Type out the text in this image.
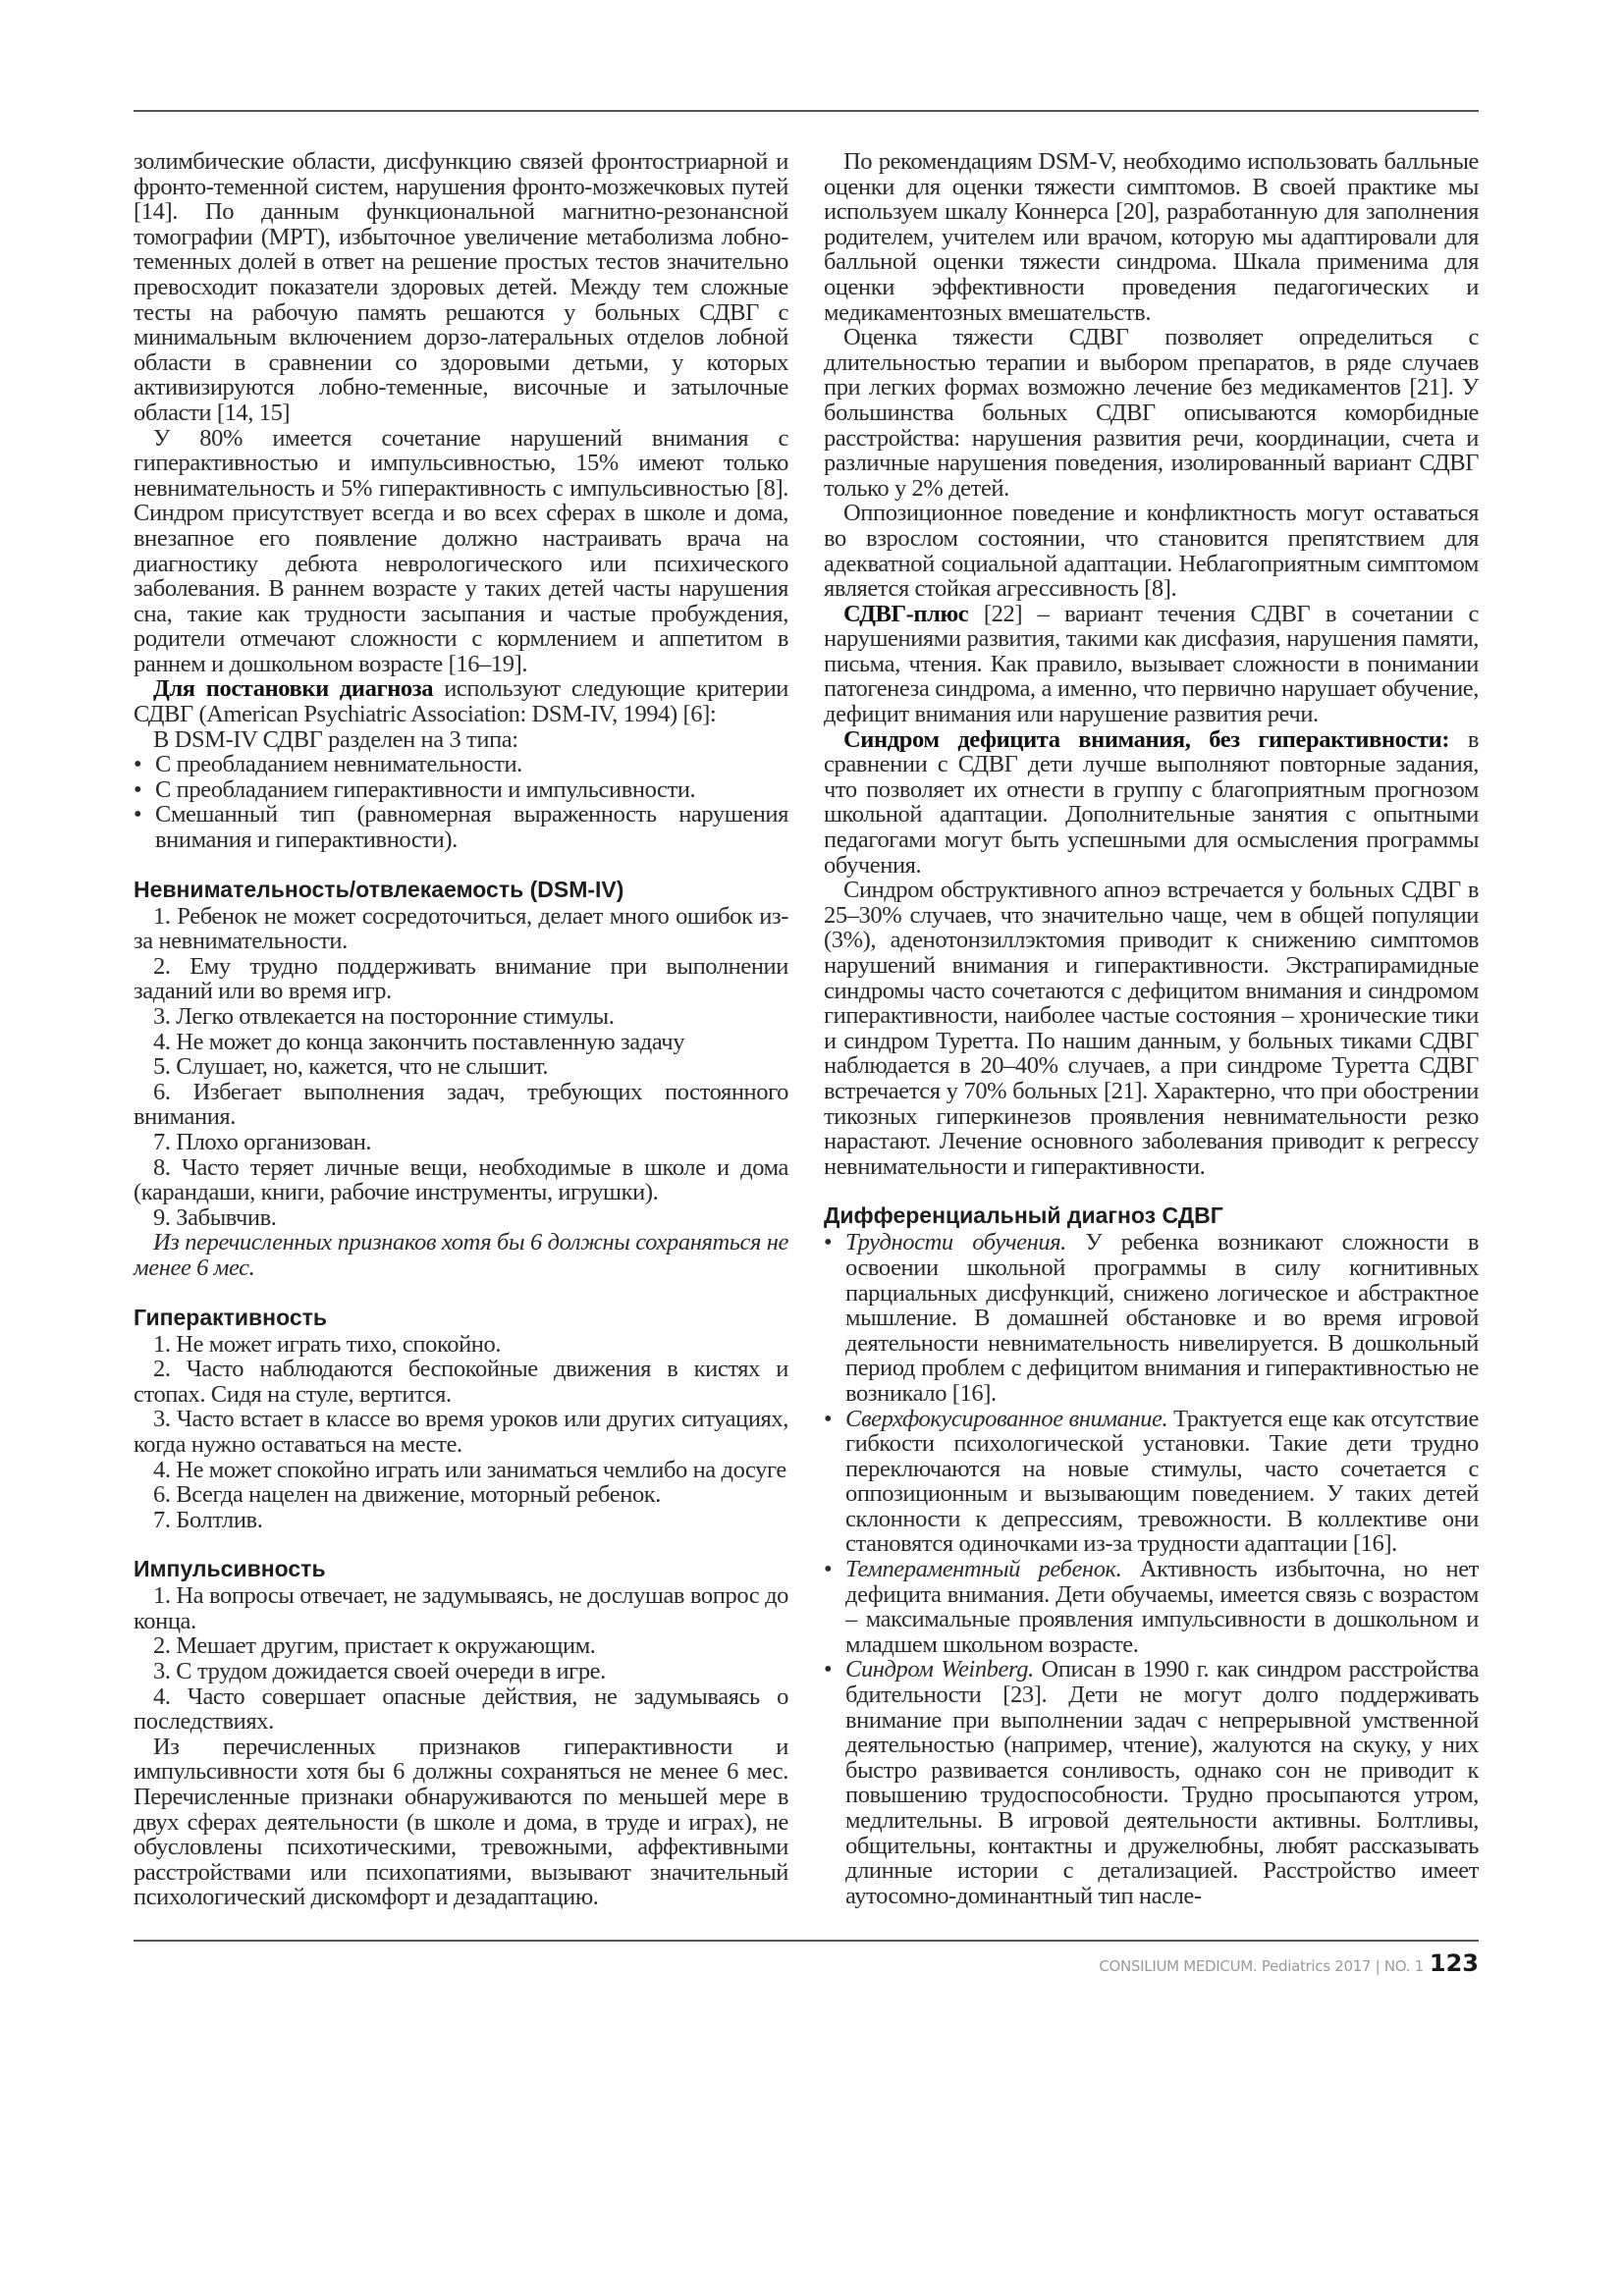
золимбические области, дисфункцию связей фронтостриарной и фронто-теменной систем, нарушения фронто-мозжечковых путей [14]. По данным функциональной магнитно-резонансной томографии (МРТ), избыточное увеличение метаболизма лобно-теменных долей в ответ на решение простых тестов значительно превосходит показатели здоровых детей. Между тем сложные тесты на рабочую память решаются у больных СДВГ с минимальным включением дорзо-латеральных отделов лобной области в сравнении со здоровыми детьми, у которых активизируются лобно-теменные, височные и затылочные области [14, 15]

У 80% имеется сочетание нарушений внимания с гиперактивностью и импульсивностью, 15% имеют только невнимательность и 5% гиперактивность с импульсивностью [8]. Синдром присутствует всегда и во всех сферах в школе и дома, внезапное его появление должно настраивать врача на диагностику дебюта неврологического или психического заболевания. В раннем возрасте у таких детей часты нарушения сна, такие как трудности засыпания и частые пробуждения, родители отмечают сложности с кормлением и аппетитом в раннем и дошкольном возрасте [16–19].

Для постановки диагноза используют следующие критерии СДВГ (American Psychiatric Association: DSM-IV, 1994) [6]:

В DSM-IV СДВГ разделен на 3 типа:

• С преобладанием невнимательности.
• С преобладанием гиперактивности и импульсивности.
• Смешанный тип (равномерная выраженность нарушения внимания и гиперактивности).
Невнимательность/отвлекаемость (DSM-IV)

1. Ребенок не может сосредоточиться, делает много ошибок из-за невнимательности.

2. Ему трудно поддерживать внимание при выполнении заданий или во время игр.

3. Легко отвлекается на посторонние стимулы.

4. Не может до конца закончить поставленную задачу

5. Слушает, но, кажется, что не слышит.

6. Избегает выполнения задач, требующих постоянного внимания.

7. Плохо организован.

8. Часто теряет личные вещи, необходимые в школе и дома (карандаши, книги, рабочие инструменты, игрушки).

9. Забывчив.

Из перечисленных признаков хотя бы 6 должны сохраняться не менее 6 мес.

Гиперактивность

1. Не может играть тихо, спокойно.

2. Часто наблюдаются беспокойные движения в кистях и стопах. Сидя на стуле, вертится.

3. Часто встает в классе во время уроков или других ситуациях, когда нужно оставаться на месте.

4. Не может спокойно играть или заниматься чемлибо на досуге

6. Всегда нацелен на движение, моторный ребенок.

7. Болтлив.

Импульсивность

1. На вопросы отвечает, не задумываясь, не дослушав вопрос до конца.

2. Мешает другим, пристает к окружающим.

3. С трудом дожидается своей очереди в игре.

4. Часто совершает опасные действия, не задумываясь о последствиях.

Из перечисленных признаков гиперактивности и импульсивности хотя бы 6 должны сохраняться не менее 6 мес. Перечисленные признаки обнаруживаются по меньшей мере в двух сферах деятельности (в школе и дома, в труде и играх), не обусловлены психотическими, тревожными, аффективными расстройствами или психопатиями, вызывают значительный психологический дискомфорт и дезадаптацию.

По рекомендациям DSM-V, необходимо использовать балльные оценки для оценки тяжести симптомов. В своей практике мы используем шкалу Коннерса [20], разработанную для заполнения родителем, учителем или врачом, которую мы адаптировали для балльной оценки тяжести синдрома. Шкала применима для оценки эффективности проведения педагогических и медикаментозных вмешательств.

Оценка тяжести СДВГ позволяет определиться с длительностью терапии и выбором препаратов, в ряде случаев при легких формах возможно лечение без медикаментов [21]. У большинства больных СДВГ описываются коморбидные расстройства: нарушения развития речи, координации, счета и различные нарушения поведения, изолированный вариант СДВГ только у 2% детей.

Оппозиционное поведение и конфликтность могут оставаться во взрослом состоянии, что становится препятствием для адекватной социальной адаптации. Неблагоприятным симптомом является стойкая агрессивность [8].

СДВГ-плюс [22] – вариант течения СДВГ в сочетании с нарушениями развития, такими как дисфазия, нарушения памяти, письма, чтения. Как правило, вызывает сложности в понимании патогенеза синдрома, а именно, что первично нарушает обучение, дефицит внимания или нарушение развития речи.

Синдром дефицита внимания, без гиперактивности: в сравнении с СДВГ дети лучше выполняют повторные задания, что позволяет их отнести в группу с благоприятным прогнозом школьной адаптации. Дополнительные занятия с опытными педагогами могут быть успешными для осмысления программы обучения.

Синдром обструктивного апноэ встречается у больных СДВГ в 25–30% случаев, что значительно чаще, чем в общей популяции (3%), аденотонзиллэктомия приводит к снижению симптомов нарушений внимания и гиперактивности. Экстрапирамидные синдромы часто сочетаются с дефицитом внимания и синдромом гиперактивности, наиболее частые состояния – хронические тики и синдром Туретта. По нашим данным, у больных тиками СДВГ наблюдается в 20–40% случаев, а при синдроме Туретта СДВГ встречается у 70% больных [21]. Характерно, что при обострении тикозных гиперкинезов проявления невнимательности резко нарастают. Лечение основного заболевания приводит к регрессу невнимательности и гиперактивности.

Дифференциальный диагноз СДВГ
• Трудности обучения. У ребенка возникают сложности в освоении школьной программы в силу когнитивных парциальных дисфункций, снижено логическое и абстрактное мышление. В домашней обстановке и во время игровой деятельности невнимательность нивелируется. В дошкольный период проблем с дефицитом внимания и гиперактивностью не возникало [16].
• Сверхфокусированное внимание. Трактуется еще как отсутствие гибкости психологической установки. Такие дети трудно переключаются на новые стимулы, часто сочетается с оппозиционным и вызывающим поведением. У таких детей склонности к депрессиям, тревожности. В коллективе они становятся одиночками из-за трудности адаптации [16].
• Темпераментный ребенок. Активность избыточна, но нет дефицита внимания. Дети обучаемы, имеется связь с возрастом – максимальные проявления импульсивности в дошкольном и младшем школьном возрасте.
• Синдром Weinberg. Описан в 1990 г. как синдром расстройства бдительности [23]. Дети не могут долго поддерживать внимание при выполнении задач с непрерывной умственной деятельностью (например, чтение), жалуются на скуку, у них быстро развивается сонливость, однако сон не приводит к повышению трудоспособности. Трудно просыпаются утром, медлительны. В игровой деятельности активны. Болтливы, общительны, контактны и дружелюбны, любят рассказывать длинные истории с детализацией. Расстройство имеет аутосомно-доминантный тип насле-
CONSILIUM MEDICUM. Pediatrics 2017 | NO. 1 123
